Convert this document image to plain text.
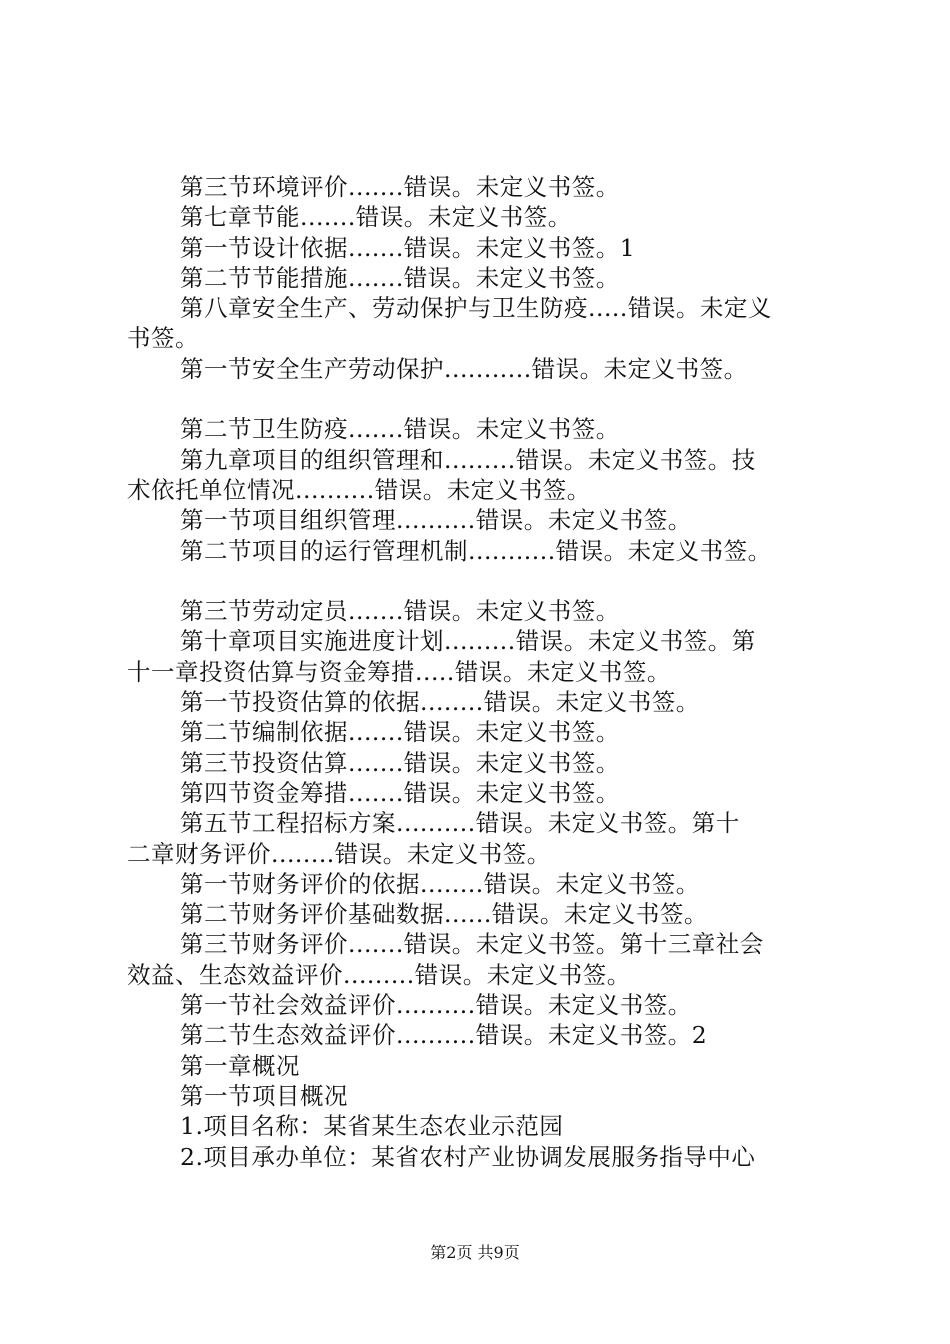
第三节环境评价.......错误。未定义书签。
第七章节能.......错误。未定义书签。
第一节设计依据.......错误。未定义书签。1
第二节节能措施.......错误。未定义书签。
第八章安全生产、劳动保护与卫生防疫.....错误。未定义
书签。
第一节安全生产劳动保护...........错误。未定义书签。
第二节卫生防疫.......错误。未定义书签。
第九章项目的组织管理和.........错误。未定义书签。技
术依托单位情况..........错误。未定义书签。
第一节项目组织管理..........错误。未定义书签。
第二节项目的运行管理机制...........错误。未定义书签。
第三节劳动定员.......错误。未定义书签。
第十章项目实施进度计划.........错误。未定义书签。第
十一章投资估算与资金筹措.....错误。未定义书签。
第一节投资估算的依据........错误。未定义书签。
第二节编制依据.......错误。未定义书签。
第三节投资估算.......错误。未定义书签。
第四节资金筹措.......错误。未定义书签。
第五节工程招标方案..........错误。未定义书签。第十
二章财务评价........错误。未定义书签。
第一节财务评价的依据........错误。未定义书签。
第二节财务评价基础数据......错误。未定义书签。
第三节财务评价.......错误。未定义书签。第十三章社会
效益、生态效益评价.........错误。未定义书签。
第一节社会效益评价..........错误。未定义书签。
第二节生态效益评价..........错误。未定义书签。2
第一章概况
第一节项目概况
1.项目名称：某省某生态农业示范园
2.项目承办单位：某省农村产业协调发展服务指导中心
第2页 共9页
